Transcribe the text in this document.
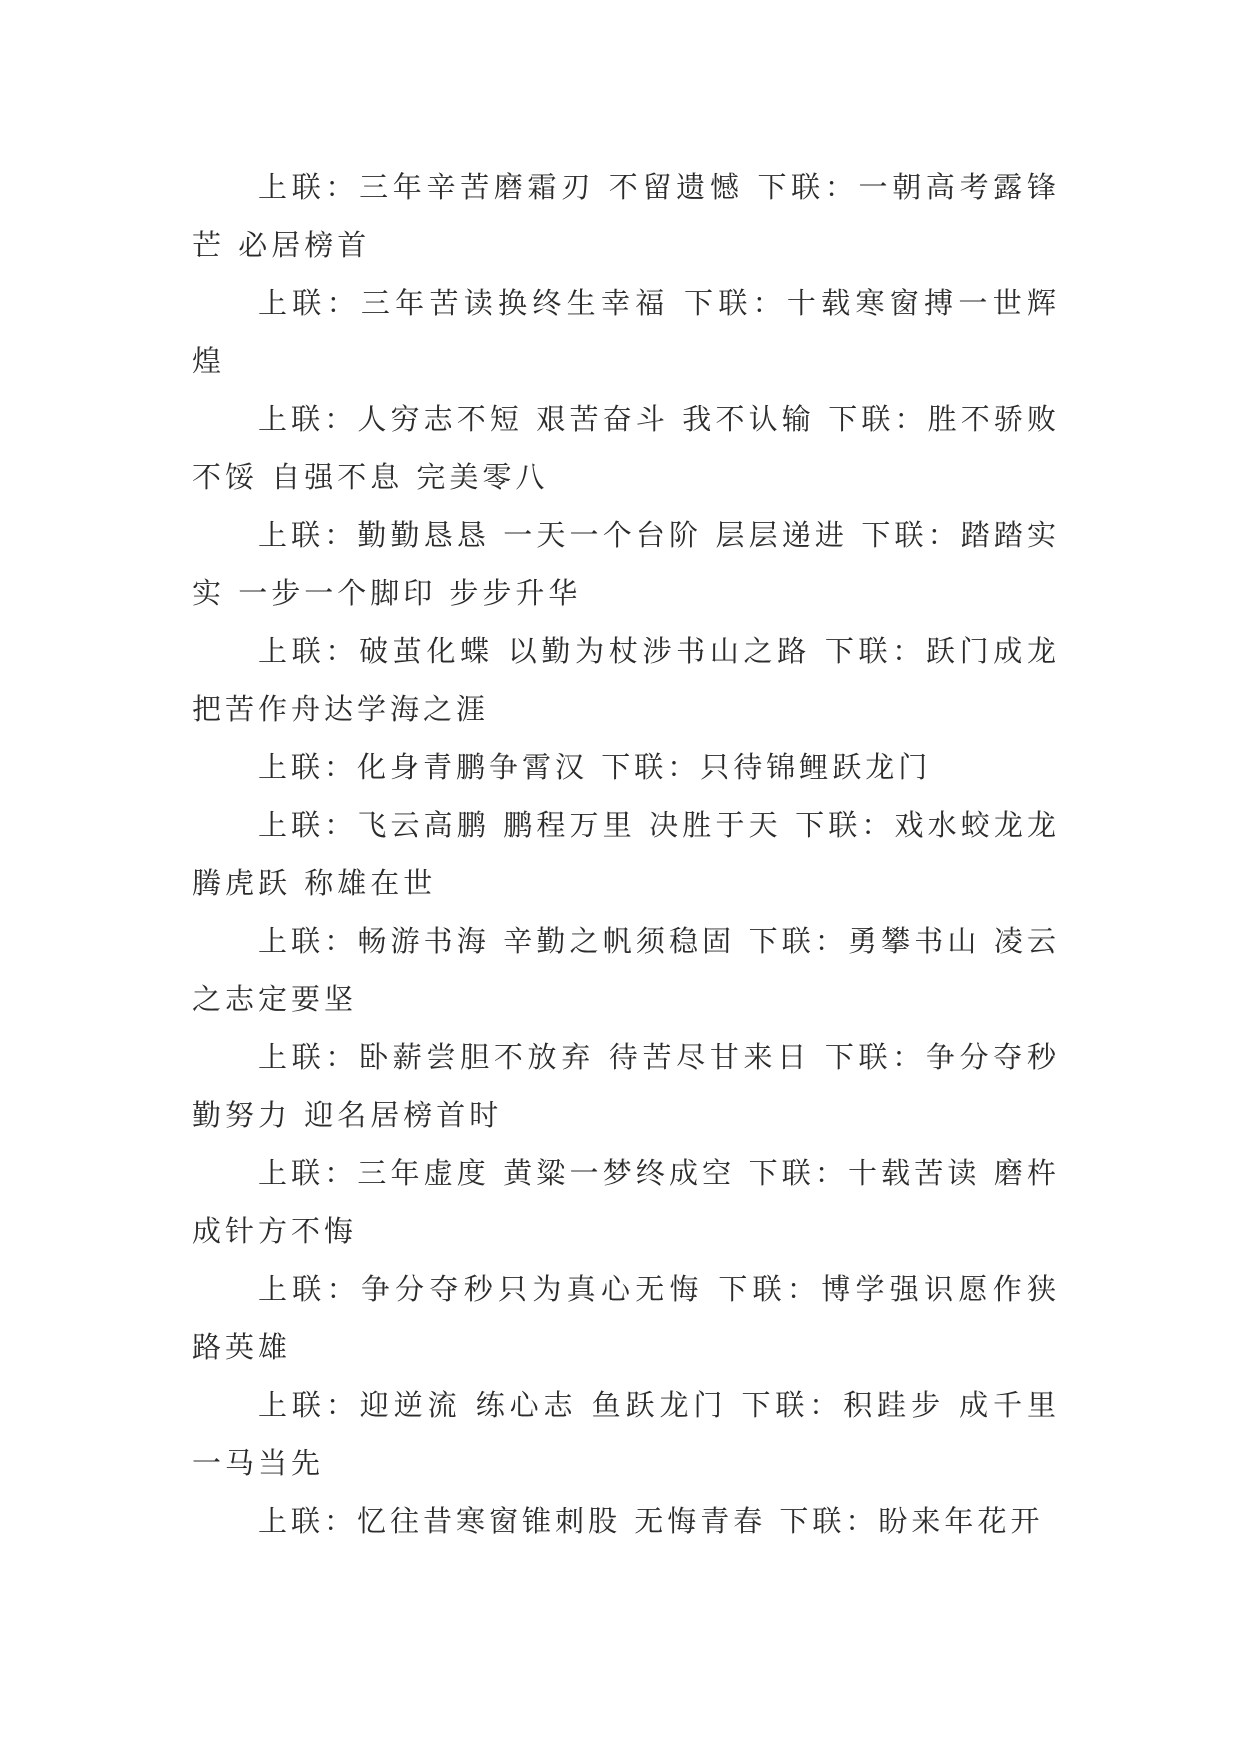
上联：三年辛苦磨霜刃 不留遗憾 下联：一朝高考露锋芒 必居榜首

上联：三年苦读换终生幸福 下联：十载寒窗搏一世辉煌

上联：人穷志不短 艰苦奋斗 我不认输 下联：胜不骄败不馁 自强不息 完美零八

上联：勤勤恳恳 一天一个台阶 层层递进 下联：踏踏实实 一步一个脚印 步步升华

上联：破茧化蝶 以勤为杖涉书山之路 下联：跃门成龙把苦作舟达学海之涯

上联：化身青鹏争霄汉 下联：只待锦鲤跃龙门

上联：飞云高鹏 鹏程万里 决胜于天 下联：戏水蛟龙龙腾虎跃 称雄在世

上联：畅游书海 辛勤之帆须稳固 下联：勇攀书山 凌云之志定要坚

上联：卧薪尝胆不放弃 待苦尽甘来日 下联：争分夺秒勤努力 迎名居榜首时

上联：三年虚度 黄粱一梦终成空 下联：十载苦读 磨杵成针方不悔

上联：争分夺秒只为真心无悔 下联：博学强识愿作狭路英雄

上联：迎逆流 练心志 鱼跃龙门 下联：积跬步 成千里 一马当先

上联：忆往昔寒窗锥刺股 无悔青春 下联：盼来年花开
